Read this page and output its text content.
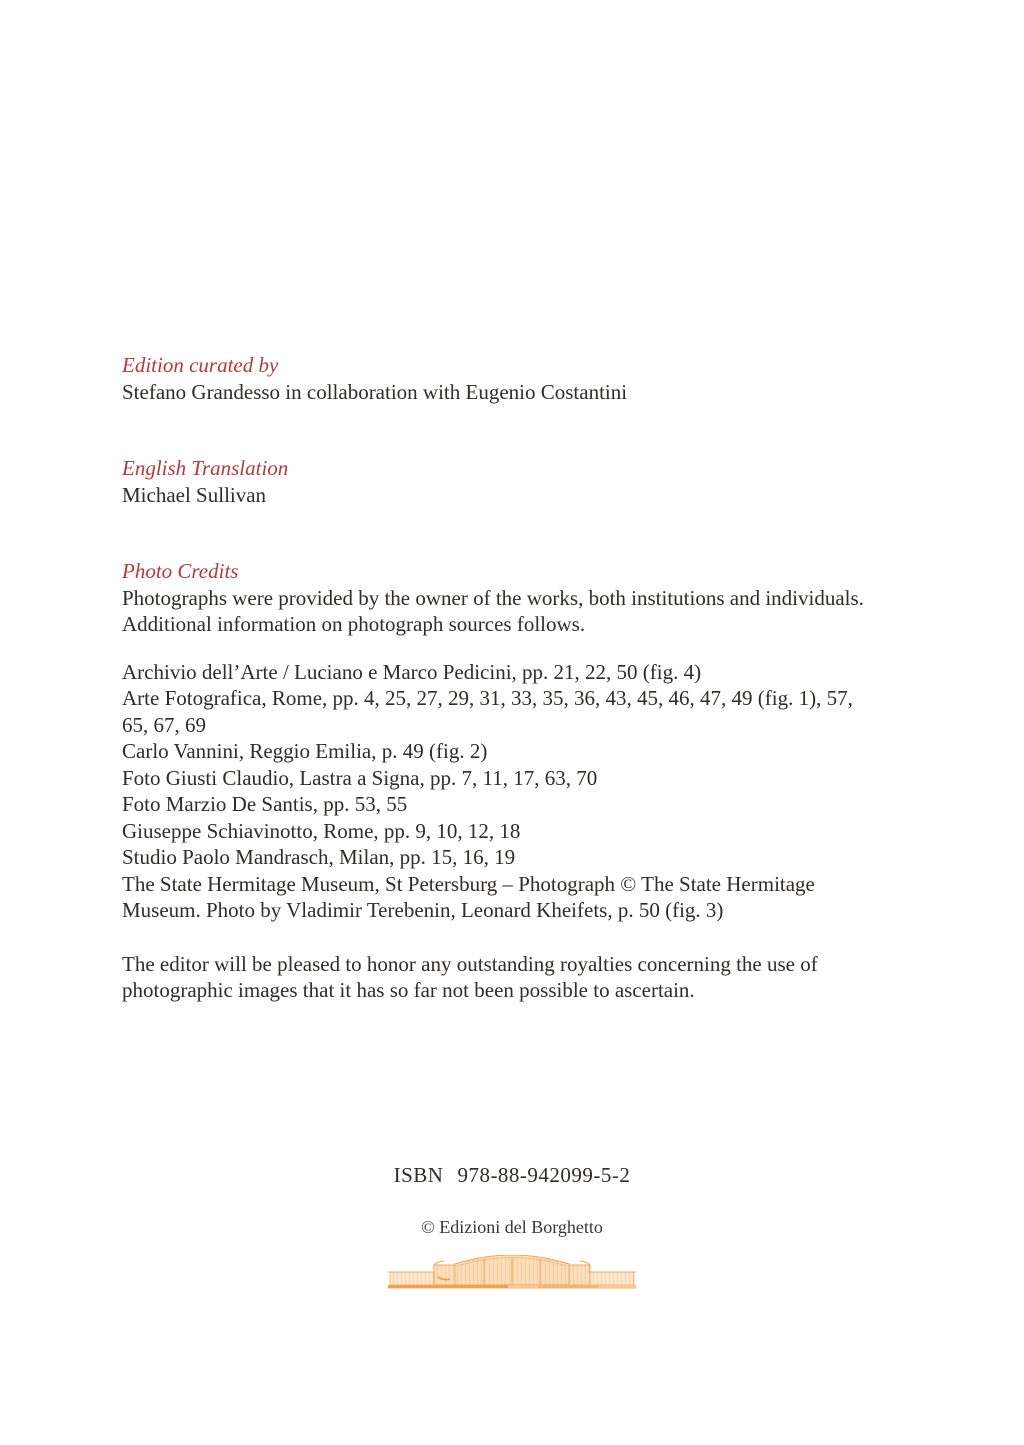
Edition curated by
Stefano Grandesso in collaboration with Eugenio Costantini
English Translation
Michael Sullivan
Photo Credits
Photographs were provided by the owner of the works, both institutions and individuals. Additional information on photograph sources follows.
Archivio dell’Arte / Luciano e Marco Pedicini, pp. 21, 22, 50 (fig. 4)
Arte Fotografica, Rome, pp. 4, 25, 27, 29, 31, 33, 35, 36, 43, 45, 46, 47, 49 (fig. 1), 57, 65, 67, 69
Carlo Vannini, Reggio Emilia, p. 49 (fig. 2)
Foto Giusti Claudio, Lastra a Signa, pp. 7, 11, 17, 63, 70
Foto Marzio De Santis, pp. 53, 55
Giuseppe Schiavinotto, Rome, pp. 9, 10, 12, 18
Studio Paolo Mandrasch, Milan, pp. 15, 16, 19
The State Hermitage Museum, St Petersburg – Photograph © The State Hermitage Museum. Photo by Vladimir Terebenin, Leonard Kheifets, p. 50 (fig. 3)
The editor will be pleased to honor any outstanding royalties concerning the use of photographic images that it has so far not been possible to ascertain.
ISBN 978-88-942099-5-2
© Edizioni del Borghetto
